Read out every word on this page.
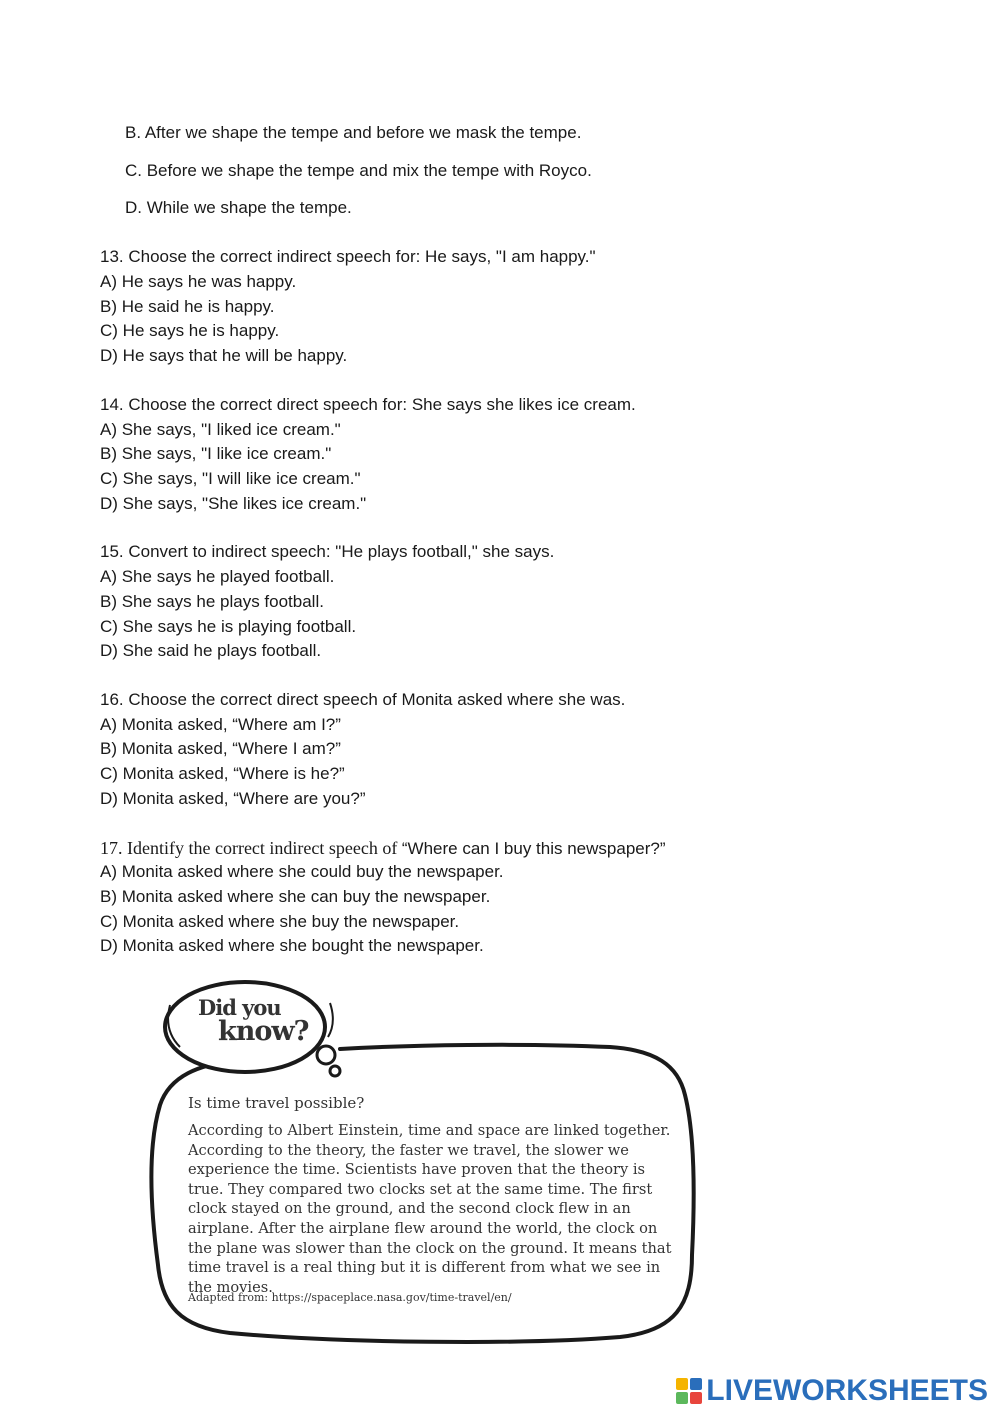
B. After we shape the tempe and before we mask the tempe.
C. Before we shape the tempe and mix the tempe with Royco.
D. While we shape the tempe.
13. Choose the correct indirect speech for: He says, "I am happy."
A) He says he was happy.
B) He said he is happy.
C) He says he is happy.
D) He says that he will be happy.
14. Choose the correct direct speech for: She says she likes ice cream.
A) She says, "I liked ice cream."
B) She says, "I like ice cream."
C) She says, "I will like ice cream."
D) She says, "She likes ice cream."
15. Convert to indirect speech: "He plays football," she says.
A) She says he played football.
B) She says he plays football.
C) She says he is playing football.
D) She said he plays football.
16. Choose the correct direct speech of Monita asked where she was.
A) Monita asked, “Where am I?”
B) Monita asked, “Where I am?”
C) Monita asked, “Where is he?”
D) Monita asked, “Where are you?”
17. Identify the correct indirect speech of “Where can I buy this newspaper?”
A) Monita asked where she could buy the newspaper.
B) Monita asked where she can buy the newspaper.
C) Monita asked where she buy the newspaper.
D) Monita asked where she bought the newspaper.
Did you
know?
Is time travel possible?
According to Albert Einstein, time and space are linked together. According to the theory, the faster we travel, the slower we experience the time. Scientists have proven that the theory is true. They compared two clocks set at the same time. The first clock stayed on the ground, and the second clock flew in an airplane. After the airplane flew around the world, the clock on the plane was slower than the clock on the ground. It means that time travel is a real thing but it is different from what we see in the movies.
Adapted from: https://spaceplace.nasa.gov/time-travel/en/
LIVEWORKSHEETS
